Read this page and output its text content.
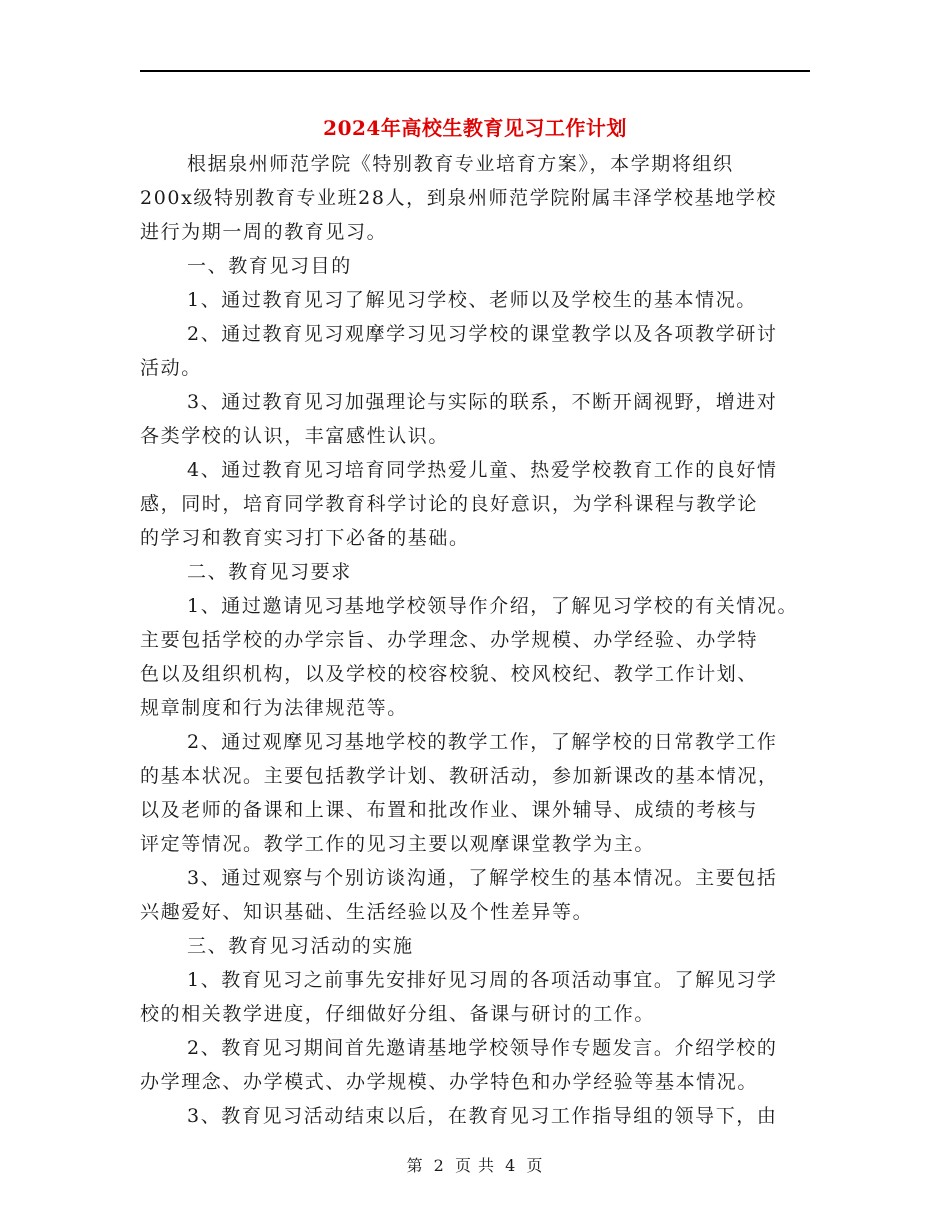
2024年高校生教育见习工作计划
根据泉州师范学院《特别教育专业培育方案》，本学期将组织
200x级特别教育专业班28人，到泉州师范学院附属丰泽学校基地学校
进行为期一周的教育见习。
一、教育见习目的
1、通过教育见习了解见习学校、老师以及学校生的基本情况。
2、通过教育见习观摩学习见习学校的课堂教学以及各项教学研讨
活动。
3、通过教育见习加强理论与实际的联系，不断开阔视野，增进对
各类学校的认识，丰富感性认识。
4、通过教育见习培育同学热爱儿童、热爱学校教育工作的良好情
感，同时，培育同学教育科学讨论的良好意识，为学科课程与教学论
的学习和教育实习打下必备的基础。
二、教育见习要求
1、通过邀请见习基地学校领导作介绍，了解见习学校的有关情况。
主要包括学校的办学宗旨、办学理念、办学规模、办学经验、办学特
色以及组织机构，以及学校的校容校貌、校风校纪、教学工作计划、
规章制度和行为法律规范等。
2、通过观摩见习基地学校的教学工作，了解学校的日常教学工作
的基本状况。主要包括教学计划、教研活动，参加新课改的基本情况，
以及老师的备课和上课、布置和批改作业、课外辅导、成绩的考核与
评定等情况。教学工作的见习主要以观摩课堂教学为主。
3、通过观察与个别访谈沟通，了解学校生的基本情况。主要包括
兴趣爱好、知识基础、生活经验以及个性差异等。
三、教育见习活动的实施
1、教育见习之前事先安排好见习周的各项活动事宜。了解见习学
校的相关教学进度，仔细做好分组、备课与研讨的工作。
2、教育见习期间首先邀请基地学校领导作专题发言。介绍学校的
办学理念、办学模式、办学规模、办学特色和办学经验等基本情况。
3、教育见习活动结束以后，在教育见习工作指导组的领导下，由
第 2 页 共 4 页
